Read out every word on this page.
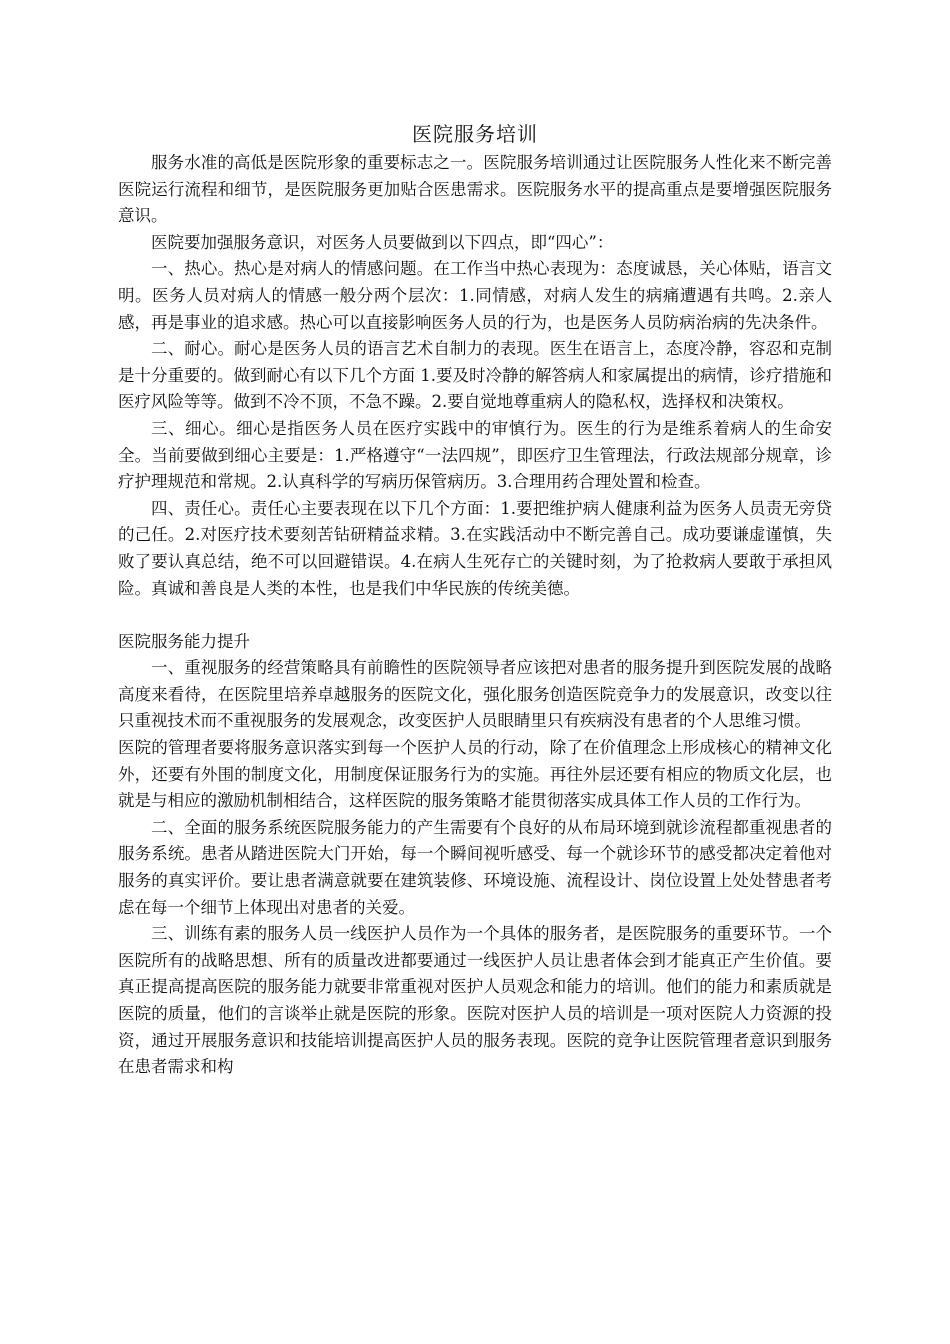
医院服务培训

服务水准的高低是医院形象的重要标志之一。医院服务培训通过让医院服务人性化来不断完善医院运行流程和细节，是医院服务更加贴合医患需求。医院服务水平的提高重点是要增强医院服务意识。

医院要加强服务意识，对医务人员要做到以下四点，即“四心”：

一、热心。热心是对病人的情感问题。在工作当中热心表现为：态度诚恳，关心体贴，语言文明。医务人员对病人的情感一般分两个层次：1.同情感，对病人发生的病痛遭遇有共鸣。2.亲人感，再是事业的追求感。热心可以直接影响医务人员的行为，也是医务人员防病治病的先决条件。

二、耐心。耐心是医务人员的语言艺术自制力的表现。医生在语言上，态度冷静，容忍和克制是十分重要的。做到耐心有以下几个方面 1.要及时冷静的解答病人和家属提出的病情，诊疗措施和医疗风险等等。做到不冷不顶，不急不躁。2.要自觉地尊重病人的隐私权，选择权和决策权。

三、细心。细心是指医务人员在医疗实践中的审慎行为。医生的行为是维系着病人的生命安全。当前要做到细心主要是：1.严格遵守“一法四规”，即医疗卫生管理法，行政法规部分规章，诊疗护理规范和常规。2.认真科学的写病历保管病历。3.合理用药合理处置和检查。

四、责任心。责任心主要表现在以下几个方面：1.要把维护病人健康利益为医务人员责无旁贷的己任。2.对医疗技术要刻苦钻研精益求精。3.在实践活动中不断完善自己。成功要谦虚谨慎，失败了要认真总结，绝不可以回避错误。4.在病人生死存亡的关键时刻，为了抢救病人要敢于承担风险。真诚和善良是人类的本性，也是我们中华民族的传统美德。

医院服务能力提升

一、重视服务的经营策略具有前瞻性的医院领导者应该把对患者的服务提升到医院发展的战略高度来看待，在医院里培养卓越服务的医院文化，强化服务创造医院竞争力的发展意识，改变以往只重视技术而不重视服务的发展观念，改变医护人员眼睛里只有疾病没有患者的个人思维习惯。

医院的管理者要将服务意识落实到每一个医护人员的行动，除了在价值理念上形成核心的精神文化外，还要有外围的制度文化，用制度保证服务行为的实施。再往外层还要有相应的物质文化层，也就是与相应的激励机制相结合，这样医院的服务策略才能贯彻落实成具体工作人员的工作行为。

二、全面的服务系统医院服务能力的产生需要有个良好的从布局环境到就诊流程都重视患者的服务系统。患者从踏进医院大门开始，每一个瞬间视听感受、每一个就诊环节的感受都决定着他对服务的真实评价。要让患者满意就要在建筑装修、环境设施、流程设计、岗位设置上处处替患者考虑在每一个细节上体现出对患者的关爱。

三、训练有素的服务人员一线医护人员作为一个具体的服务者，是医院服务的重要环节。一个医院所有的战略思想、所有的质量改进都要通过一线医护人员让患者体会到才能真正产生价值。要真正提高提高医院的服务能力就要非常重视对医护人员观念和能力的培训。他们的能力和素质就是医院的质量，他们的言谈举止就是医院的形象。医院对医护人员的培训是一项对医院人力资源的投资，通过开展服务意识和技能培训提高医护人员的服务表现。医院的竞争让医院管理者意识到服务在患者需求和构
